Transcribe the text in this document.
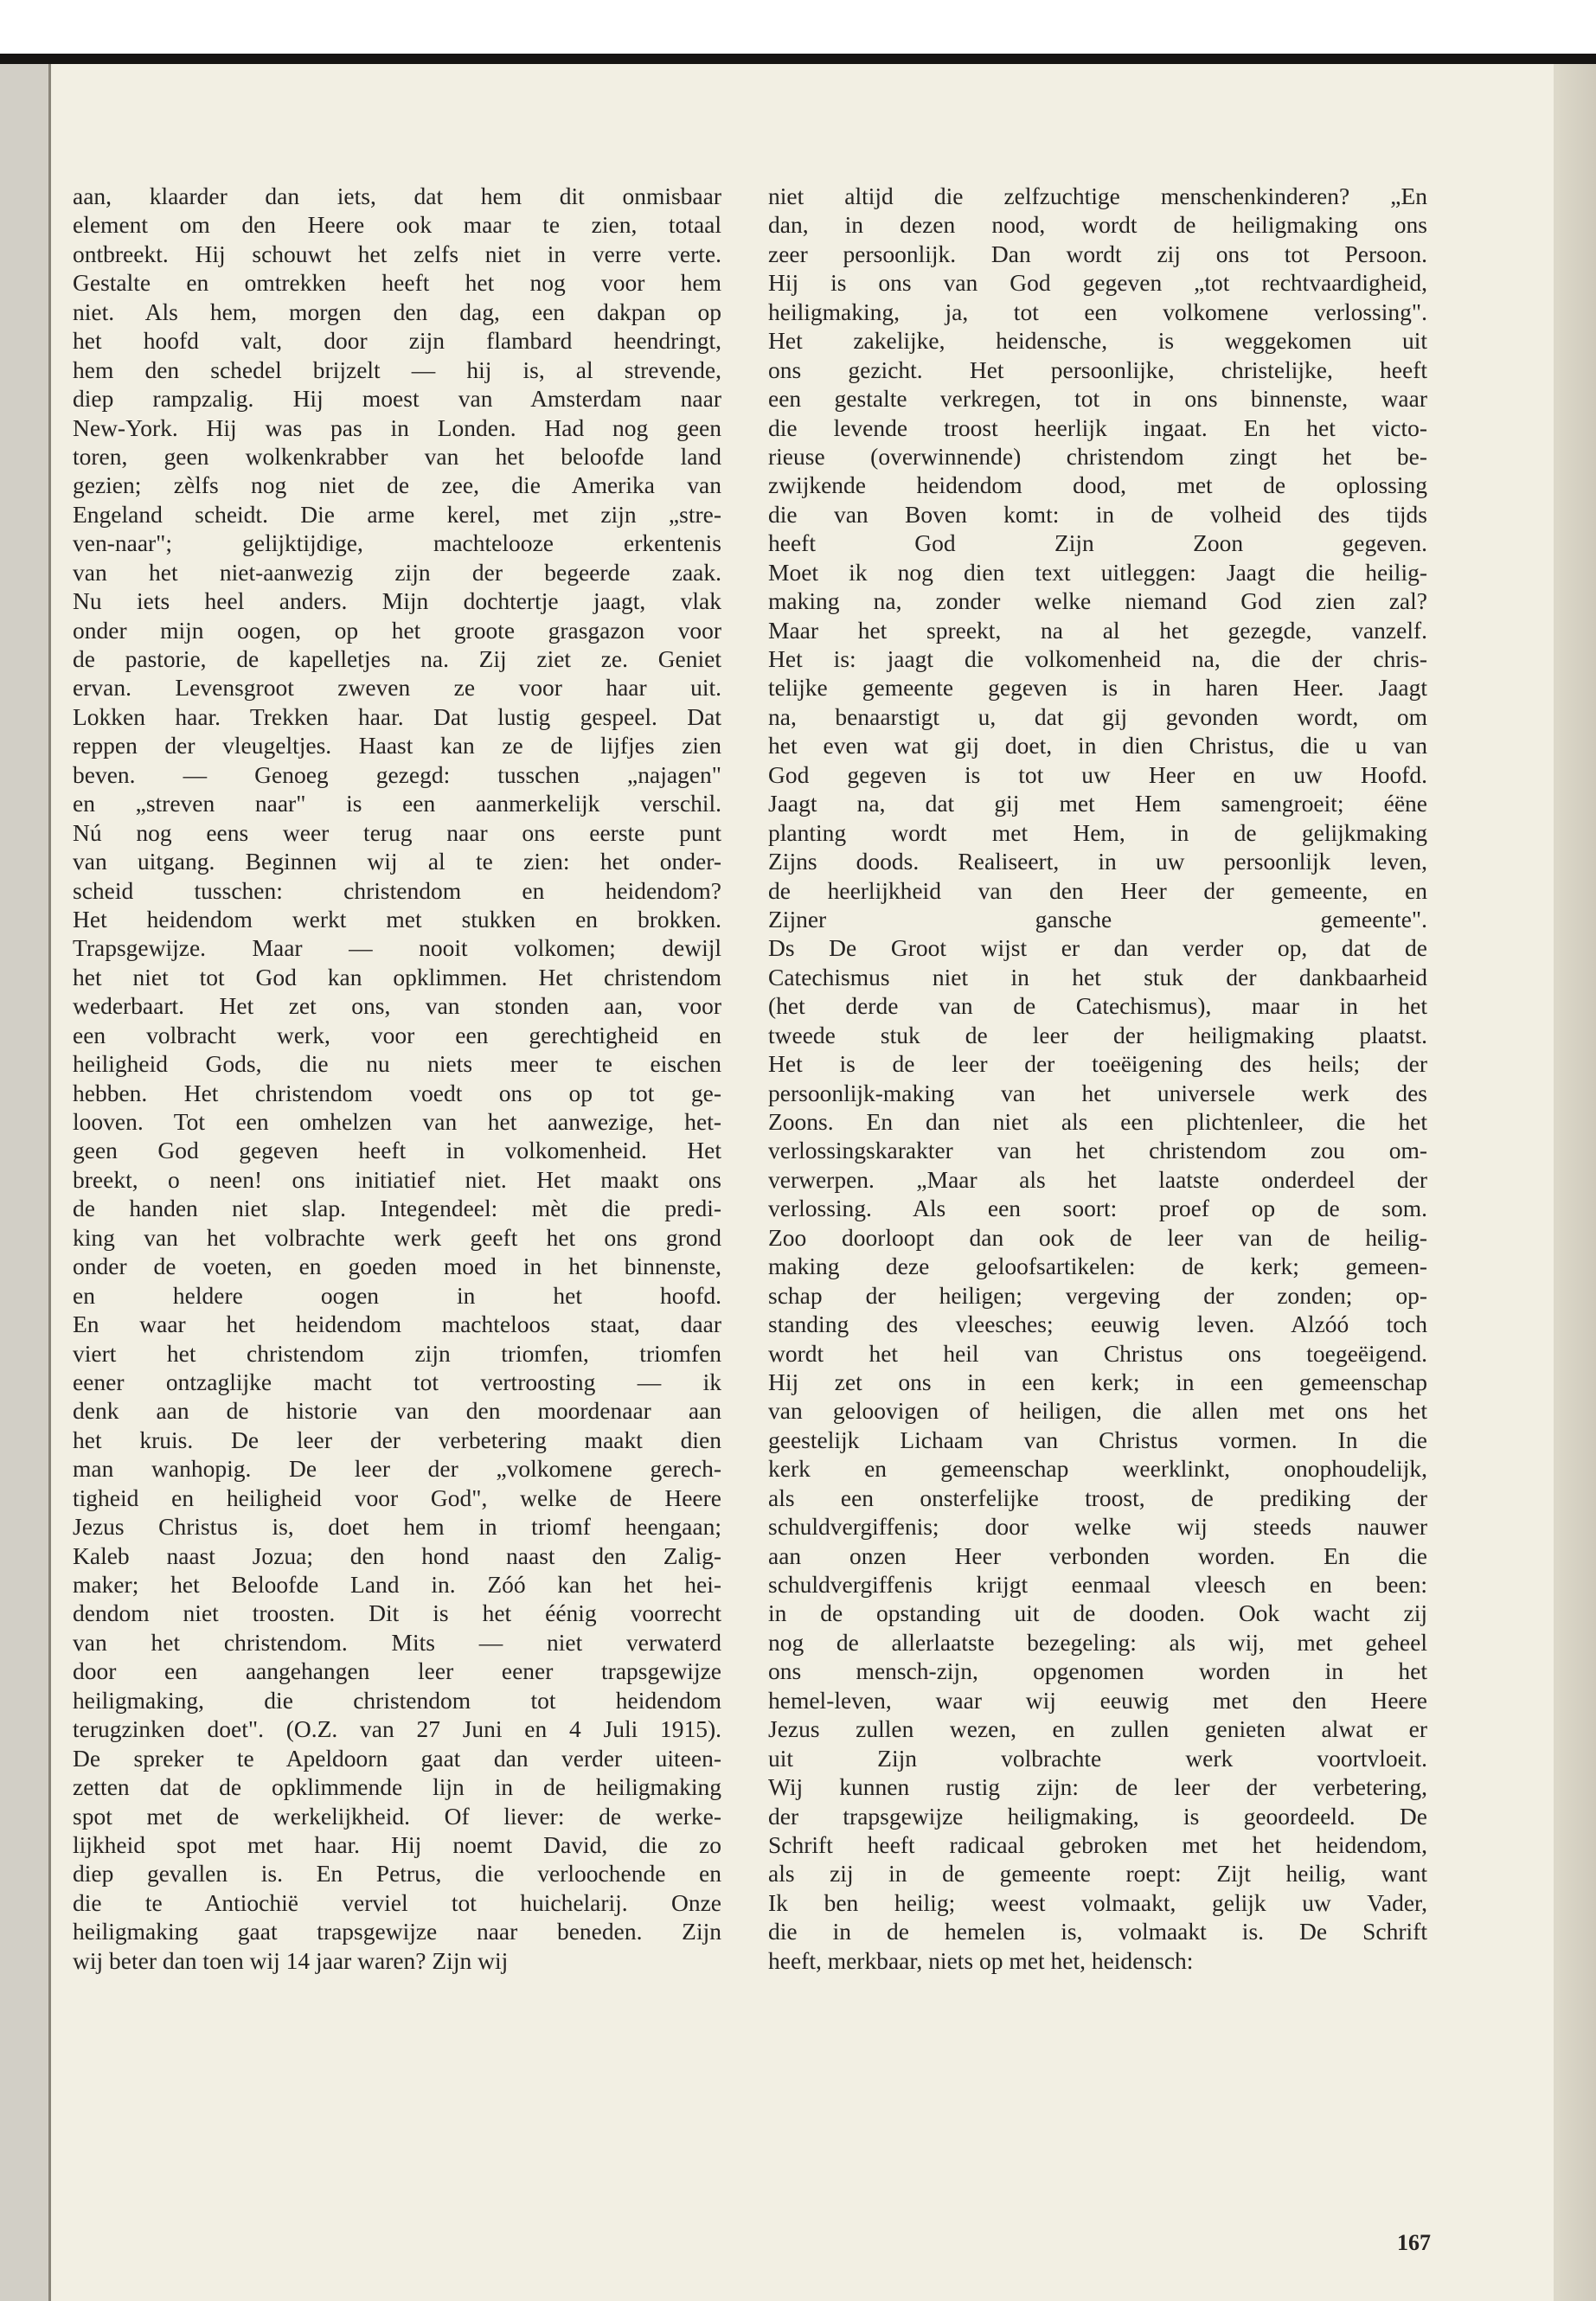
aan, klaarder dan iets, dat hem dit onmisbaar
element om den Heere ook maar te zien, totaal
ontbreekt. Hij schouwt het zelfs niet in verre verte.
Gestalte en omtrekken heeft het nog voor hem
niet. Als hem, morgen den dag, een dakpan op
het hoofd valt, door zijn flambard heendringt,
hem den schedel brijzelt — hij is, al strevende,
diep rampzalig. Hij moest van Amsterdam naar
New-York. Hij was pas in Londen. Had nog geen
toren, geen wolkenkrabber van het beloofde land
gezien; zèlfs nog niet de zee, die Amerika van
Engeland scheidt. Die arme kerel, met zijn „stre-
ven-naar"; gelijktijdige, machtelooze erkentenis
van het niet-aanwezig zijn der begeerde zaak.
Nu iets heel anders. Mijn dochtertje jaagt, vlak
onder mijn oogen, op het groote grasgazon voor
de pastorie, de kapelletjes na. Zij ziet ze. Geniet
ervan. Levensgroot zweven ze voor haar uit.
Lokken haar. Trekken haar. Dat lustig gespeel. Dat
reppen der vleugeltjes. Haast kan ze de lijfjes zien
beven. — Genoeg gezegd: tusschen „najagen"
en „streven naar" is een aanmerkelijk verschil.
Nú nog eens weer terug naar ons eerste punt
van uitgang. Beginnen wij al te zien: het onder-
scheid tusschen: christendom en heidendom?
Het heidendom werkt met stukken en brokken.
Trapsgewijze. Maar — nooit volkomen; dewijl
het niet tot God kan opklimmen. Het christendom
wederbaart. Het zet ons, van stonden aan, voor
een volbracht werk, voor een gerechtigheid en
heiligheid Gods, die nu niets meer te eischen
hebben. Het christendom voedt ons op tot ge-
looven. Tot een omhelzen van het aanwezige, het-
geen God gegeven heeft in volkomenheid. Het
breekt, o neen! ons initiatief niet. Het maakt ons
de handen niet slap. Integendeel: mèt die predi-
king van het volbrachte werk geeft het ons grond
onder de voeten, en goeden moed in het binnenste,
en heldere oogen in het hoofd.
En waar het heidendom machteloos staat, daar
viert het christendom zijn triomfen, triomfen
eener ontzaglijke macht tot vertroosting — ik
denk aan de historie van den moordenaar aan
het kruis. De leer der verbetering maakt dien
man wanhopig. De leer der „volkomene gerech-
tigheid en heiligheid voor God", welke de Heere
Jezus Christus is, doet hem in triomf heengaan;
Kaleb naast Jozua; den hond naast den Zalig-
maker; het Beloofde Land in. Zóó kan het hei-
dendom niet troosten. Dit is het éénig voorrecht
van het christendom. Mits — niet verwaterd
door een aangehangen leer eener trapsgewijze
heiligmaking, die christendom tot heidendom
terugzinken doet". (O.Z. van 27 Juni en 4 Juli 1915).
De spreker te Apeldoorn gaat dan verder uiteen-
zetten dat de opklimmende lijn in de heiligmaking
spot met de werkelijkheid. Of liever: de werke-
lijkheid spot met haar. Hij noemt David, die zo
diep gevallen is. En Petrus, die verloochende en
die te Antiochië verviel tot huichelarij. Onze
heiligmaking gaat trapsgewijze naar beneden. Zijn
wij beter dan toen wij 14 jaar waren? Zijn wij
niet altijd die zelfzuchtige menschenkinderen? „En
dan, in dezen nood, wordt de heiligmaking ons
zeer persoonlijk. Dan wordt zij ons tot Persoon.
Hij is ons van God gegeven „tot rechtvaardigheid,
heiligmaking, ja, tot een volkomene verlossing".
Het zakelijke, heidensche, is weggekomen uit
ons gezicht. Het persoonlijke, christelijke, heeft
een gestalte verkregen, tot in ons binnenste, waar
die levende troost heerlijk ingaat. En het victo-
rieuse (overwinnende) christendom zingt het be-
zwijkende heidendom dood, met de oplossing
die van Boven komt: in de volheid des tijds
heeft God Zijn Zoon gegeven.
Moet ik nog dien text uitleggen: Jaagt die heilig-
making na, zonder welke niemand God zien zal?
Maar het spreekt, na al het gezegde, vanzelf.
Het is: jaagt die volkomenheid na, die der chris-
telijke gemeente gegeven is in haren Heer. Jaagt
na, benaarstigt u, dat gij gevonden wordt, om
het even wat gij doet, in dien Christus, die u van
God gegeven is tot uw Heer en uw Hoofd.
Jaagt na, dat gij met Hem samengroeit; éëne
planting wordt met Hem, in de gelijkmaking
Zijns doods. Realiseert, in uw persoonlijk leven,
de heerlijkheid van den Heer der gemeente, en
Zijner gansche gemeente".
Ds De Groot wijst er dan verder op, dat de
Catechismus niet in het stuk der dankbaarheid
(het derde van de Catechismus), maar in het
tweede stuk de leer der heiligmaking plaatst.
Het is de leer der toeëigening des heils; der
persoonlijk-making van het universele werk des
Zoons. En dan niet als een plichtenleer, die het
verlossingskarakter van het christendom zou om-
verwerpen. „Maar als het laatste onderdeel der
verlossing. Als een soort: proef op de som.
Zoo doorloopt dan ook de leer van de heilig-
making deze geloofsartikelen: de kerk; gemeen-
schap der heiligen; vergeving der zonden; op-
standing des vleesches; eeuwig leven. Alzóó toch
wordt het heil van Christus ons toegeëigend.
Hij zet ons in een kerk; in een gemeenschap
van geloovigen of heiligen, die allen met ons het
geestelijk Lichaam van Christus vormen. In die
kerk en gemeenschap weerklinkt, onophoudelijk,
als een onsterfelijke troost, de prediking der
schuldvergiffenis; door welke wij steeds nauwer
aan onzen Heer verbonden worden. En die
schuldvergiffenis krijgt eenmaal vleesch en been:
in de opstanding uit de dooden. Ook wacht zij
nog de allerlaatste bezegeling: als wij, met geheel
ons mensch-zijn, opgenomen worden in het
hemel-leven, waar wij eeuwig met den Heere
Jezus zullen wezen, en zullen genieten alwat er
uit Zijn volbrachte werk voortvloeit.
Wij kunnen rustig zijn: de leer der verbetering,
der trapsgewijze heiligmaking, is geoordeeld. De
Schrift heeft radicaal gebroken met het heidendom,
als zij in de gemeente roept: Zijt heilig, want
Ik ben heilig; weest volmaakt, gelijk uw Vader,
die in de hemelen is, volmaakt is. De Schrift
heeft, merkbaar, niets op met het, heidensch:
167
